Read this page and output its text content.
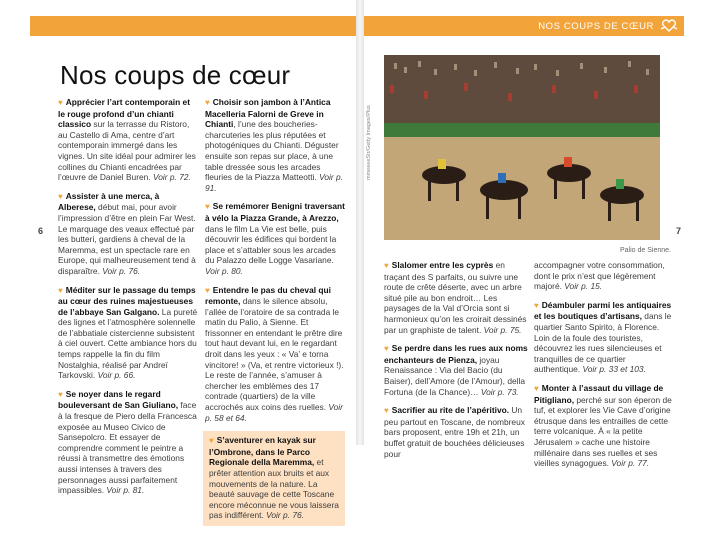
Nos coups de cœur

♥ Apprécier l’art contemporain et le rouge profond d’un chianti classico sur la terrasse du Ristoro, au Castello di Ama, centre d’art contemporain immergé dans les vignes. Un site idéal pour admirer les collines du Chianti encadrées par l’œuvre de Daniel Buren. Voir p. 72.

♥ Assister à une merca, à Alberese, début mai, pour avoir l’impression d’être en plein Far West. Le marquage des veaux effectué par les butteri, gardiens à cheval de la Maremma, est un spectacle rare en Europe, qui malheureusement tend à disparaître. Voir p. 76.

♥ Méditer sur le passage du temps au cœur des ruines majestueuses de l’abbaye San Galgano. La pureté des lignes et l’atmosphère solennelle de l’abbatiale cistercienne subsistent à ciel ouvert. Cette ambiance hors du temps rappelle la fin du film Nostalghia, réalisé par Andreï Tarkovski. Voir p. 66.

♥ Se noyer dans le regard bouleversant de San Giuliano, face à la fresque de Piero della Francesca exposée au Museo Civico de Sansepolcro. Et essayer de comprendre comment le peintre a réussi à transmettre des émotions aussi intenses à travers des personnages aussi parfaitement impassibles. Voir p. 81.

♥ Choisir son jambon à l’Antica Macelleria Falorni de Greve in Chianti, l’une des boucheries-charcuteries les plus réputées et photogéniques du Chianti. Déguster ensuite son repas sur place, à une table dressée sous les arcades fleuries de la Piazza Matteotti. Voir p. 91.

♥ Se remémorer Benigni traversant à vélo la Piazza Grande, à Arezzo, dans le film La Vie est belle, puis découvrir les édifices qui bordent la place et s’attabler sous les arcades du Palazzo delle Logge Vasariane. Voir p. 80.

♥ Entendre le pas du cheval qui remonte, dans le silence absolu, l’allée de l’oratoire de sa contrada le matin du Palio, à Sienne. Et frissonner en entendant le prêtre dire tout haut devant lui, en le regardant droit dans les yeux : « Va’ e torna vincitore! » (Va, et rentre victorieux !). Le reste de l’année, s’amuser à chercher les emblèmes des 17 contrade (quartiers) de la ville accrochés aux coins des ruelles. Voir p. 58 et 64.

♥ S’aventurer en kayak sur l’Ombrone, dans le Parco Regionale della Maremma, et prêter attention aux bruits et aux mouvements de la nature. La beauté sauvage de cette Toscane encore méconnue ne vous laissera pas indifférent. Voir p. 76.

6
NOS COUPS DE CŒUR
mmeeeeStr/Getty Images/Plus
Palio de Sienne.

♥ Slalomer entre les cyprès en traçant des S parfaits, ou suivre une route de crête déserte, avec un arbre situé pile au bon endroit… Les paysages de la Val d’Orcia sont si harmonieux qu’on les croirait dessinés par un graphiste de talent. Voir p. 75.

♥ Se perdre dans les rues aux noms enchanteurs de Pienza, joyau Renaissance : Via del Bacio (du Baiser), dell’Amore (de l’Amour), della Fortuna (de la Chance)… Voir p. 73.

♥ Sacrifier au rite de l’apéritivo. Un peu partout en Toscane, de nombreux bars proposent, entre 19h et 21h, un buffet gratuit de bouchées délicieuses pour

accompagner votre consommation, dont le prix n’est que légèrement majoré. Voir p. 15.

♥ Déambuler parmi les antiquaires et les boutiques d’artisans, dans le quartier Santo Spirito, à Florence. Loin de la foule des touristes, découvrez les rues silencieuses et tranquilles de ce quartier authentique. Voir p. 33 et 103.

♥ Monter à l’assaut du village de Pitigliano, perché sur son éperon de tuf, et explorer les Vie Cave d’origine étrusque dans les entrailles de cette terre volcanique. À « la petite Jérusalem » cache une histoire millénaire dans ses ruelles et ses vieilles synagogues. Voir p. 77.

7
